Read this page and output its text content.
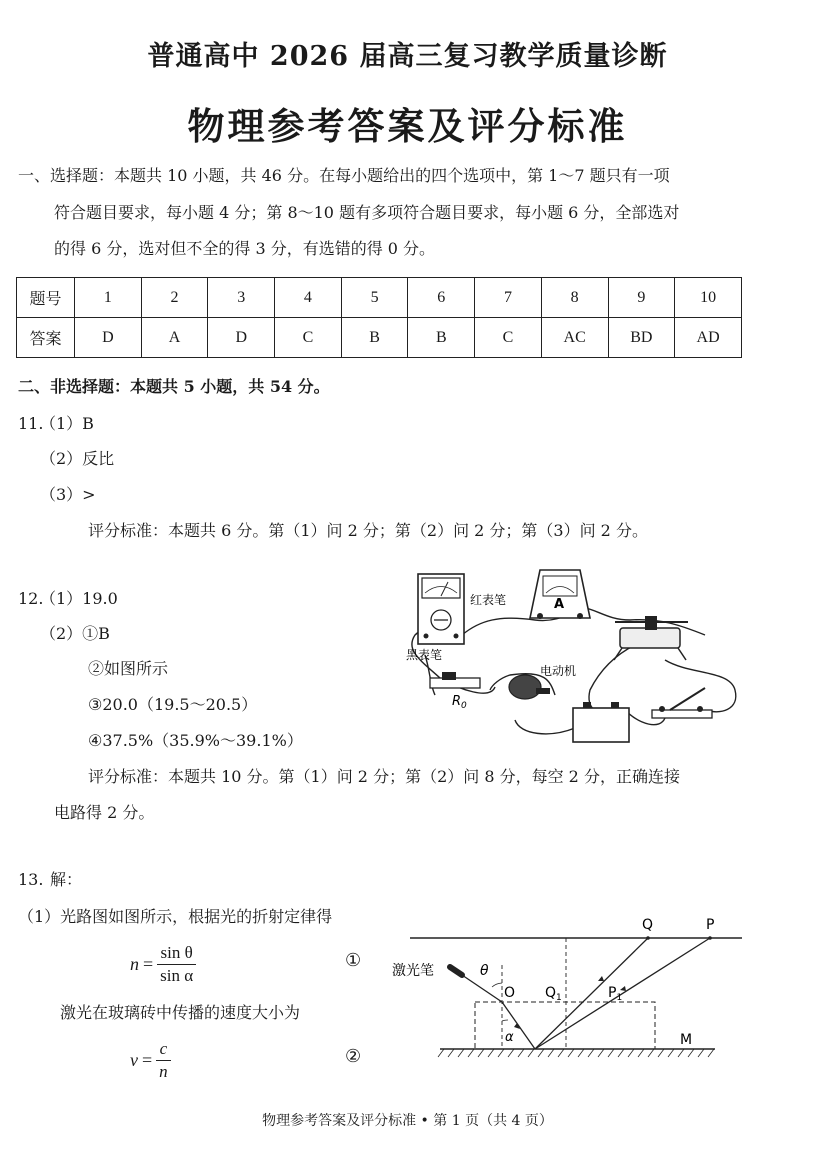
普通高中 2026 届高三复习教学质量诊断
物理参考答案及评分标准
一、选择题：本题共 10 小题，共 46 分。在每小题给出的四个选项中，第 1～7 题只有一项
符合题目要求，每小题 4 分；第 8～10 题有多项符合题目要求，每小题 6 分，全部选对
的得 6 分，选对但不全的得 3 分，有选错的得 0 分。
题号	1	2	3	4	5	6	7	8	9	10
答案	D	A	D	C	B	B	C	AC	BD	AD
二、非选择题：本题共 5 小题，共 54 分。
11.
（1）B
（2）反比
（3）>
评分标准：本题共 6 分。第（1）问 2 分；第（2）问 2 分；第（3）问 2 分。
12.
（1）19.0
（2）①B
②如图所示
③20.0（19.5～20.5）
④37.5%（35.9%～39.1%）
评分标准：本题共 10 分。第（1）问 2 分；第（2）问 8 分，每空 2 分，正确连接
电路得 2 分。
红表笔
黑表笔
A
$R_0$
电动机
13. 解：
（1）光路图如图所示，根据光的折射定律得
$n = \frac{\text{sin θ}}{\text{sin α}}$	①
激光在玻璃砖中传播的速度大小为
$v = \frac{c}{n}$	②
Q	P
激光笔	θ
O $Q_1$	$P_1$
α	M
物理参考答案及评分标准 • 第 1 页（共 4 页）
